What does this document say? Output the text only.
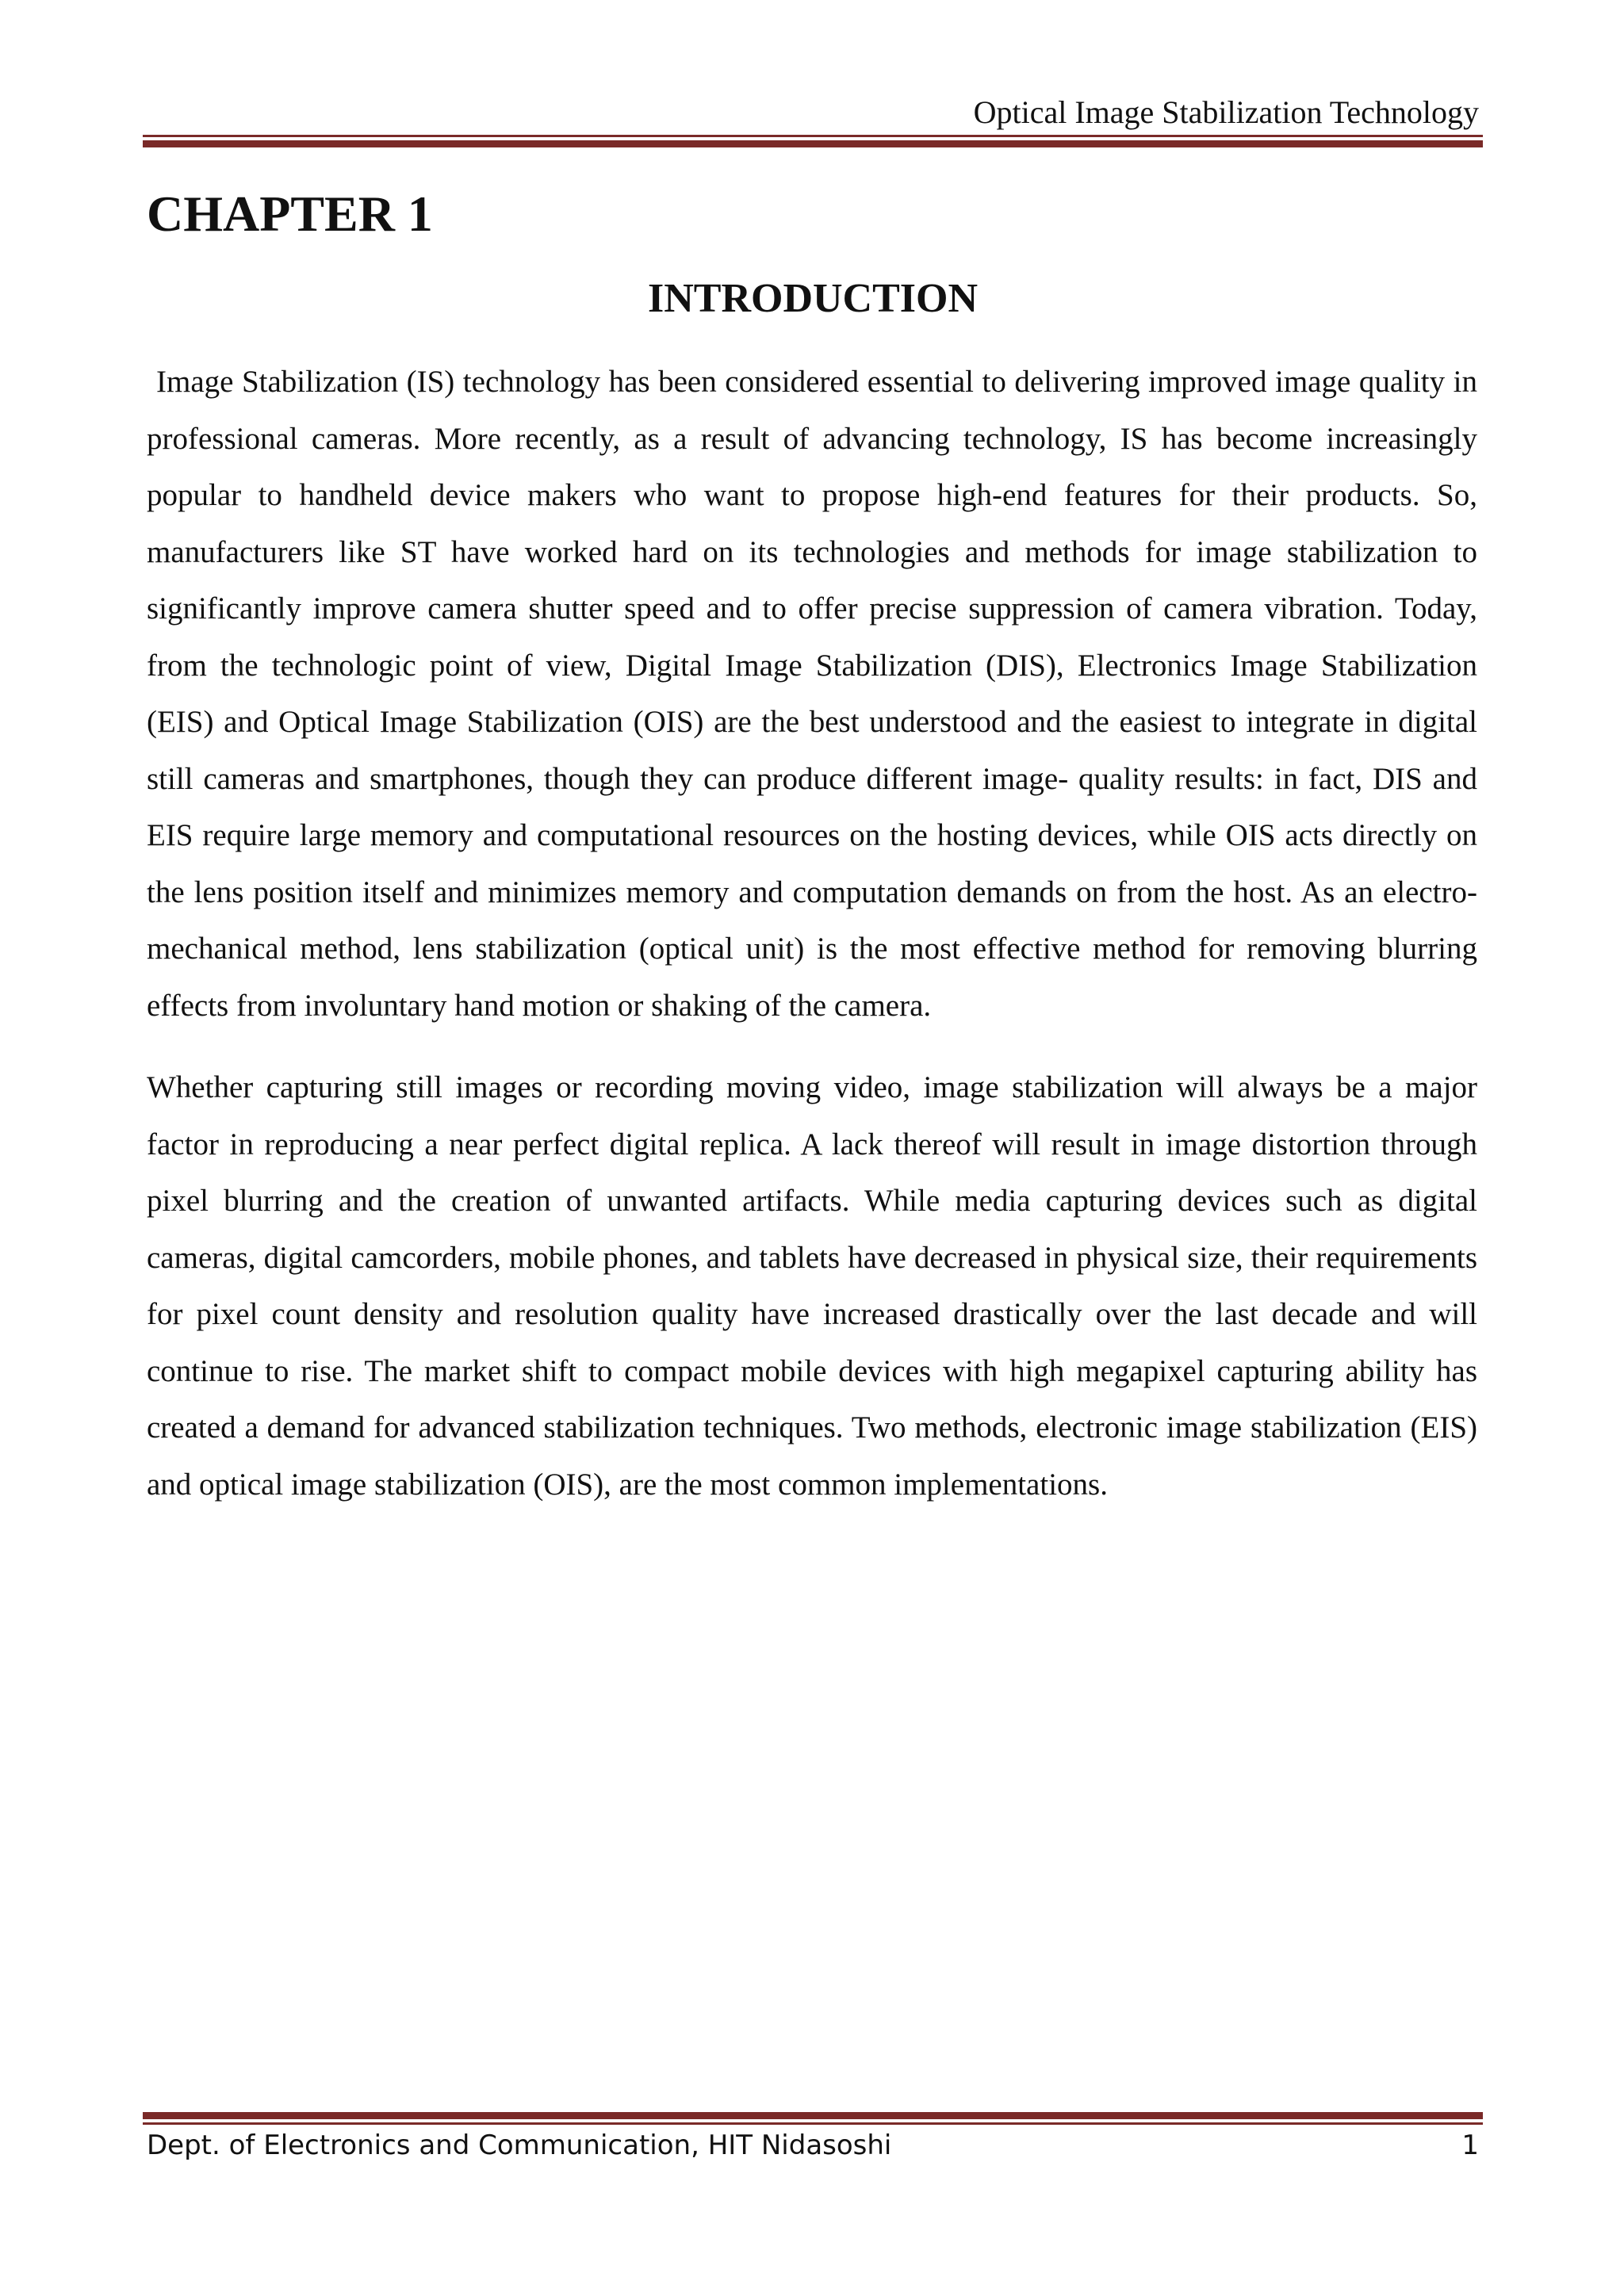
Optical Image Stabilization Technology
CHAPTER 1
INTRODUCTION

Image Stabilization (IS) technology has been considered essential to delivering improved image quality in professional cameras. More recently, as a result of advancing technology, IS has become increasingly popular to handheld device makers who want to propose high-end features for their products. So, manufacturers like ST have worked hard on its technologies and methods for image stabilization to significantly improve camera shutter speed and to offer precise suppression of camera vibration. Today, from the technologic point of view, Digital Image Stabilization (DIS), Electronics Image Stabilization (EIS) and Optical Image Stabilization (OIS) are the best understood and the easiest to integrate in digital still cameras and smartphones, though they can produce different image- quality results: in fact, DIS and EIS require large memory and computational resources on the hosting devices, while OIS acts directly on the lens position itself and minimizes memory and computation demands on from the host. As an electro-mechanical method, lens stabilization (optical unit) is the most effective method for removing blurring effects from involuntary hand motion or shaking of the camera.

Whether capturing still images or recording moving video, image stabilization will always be a major factor in reproducing a near perfect digital replica. A lack thereof will result in image distortion through pixel blurring and the creation of unwanted artifacts. While media capturing devices such as digital cameras, digital camcorders, mobile phones, and tablets have decreased in physical size, their requirements for pixel count density and resolution quality have increased drastically over the last decade and will continue to rise. The market shift to compact mobile devices with high megapixel capturing ability has created a demand for advanced stabilization techniques. Two methods, electronic image stabilization (EIS) and optical image stabilization (OIS), are the most common implementations.

Dept. of Electronics and Communication, HIT Nidasoshi	1
